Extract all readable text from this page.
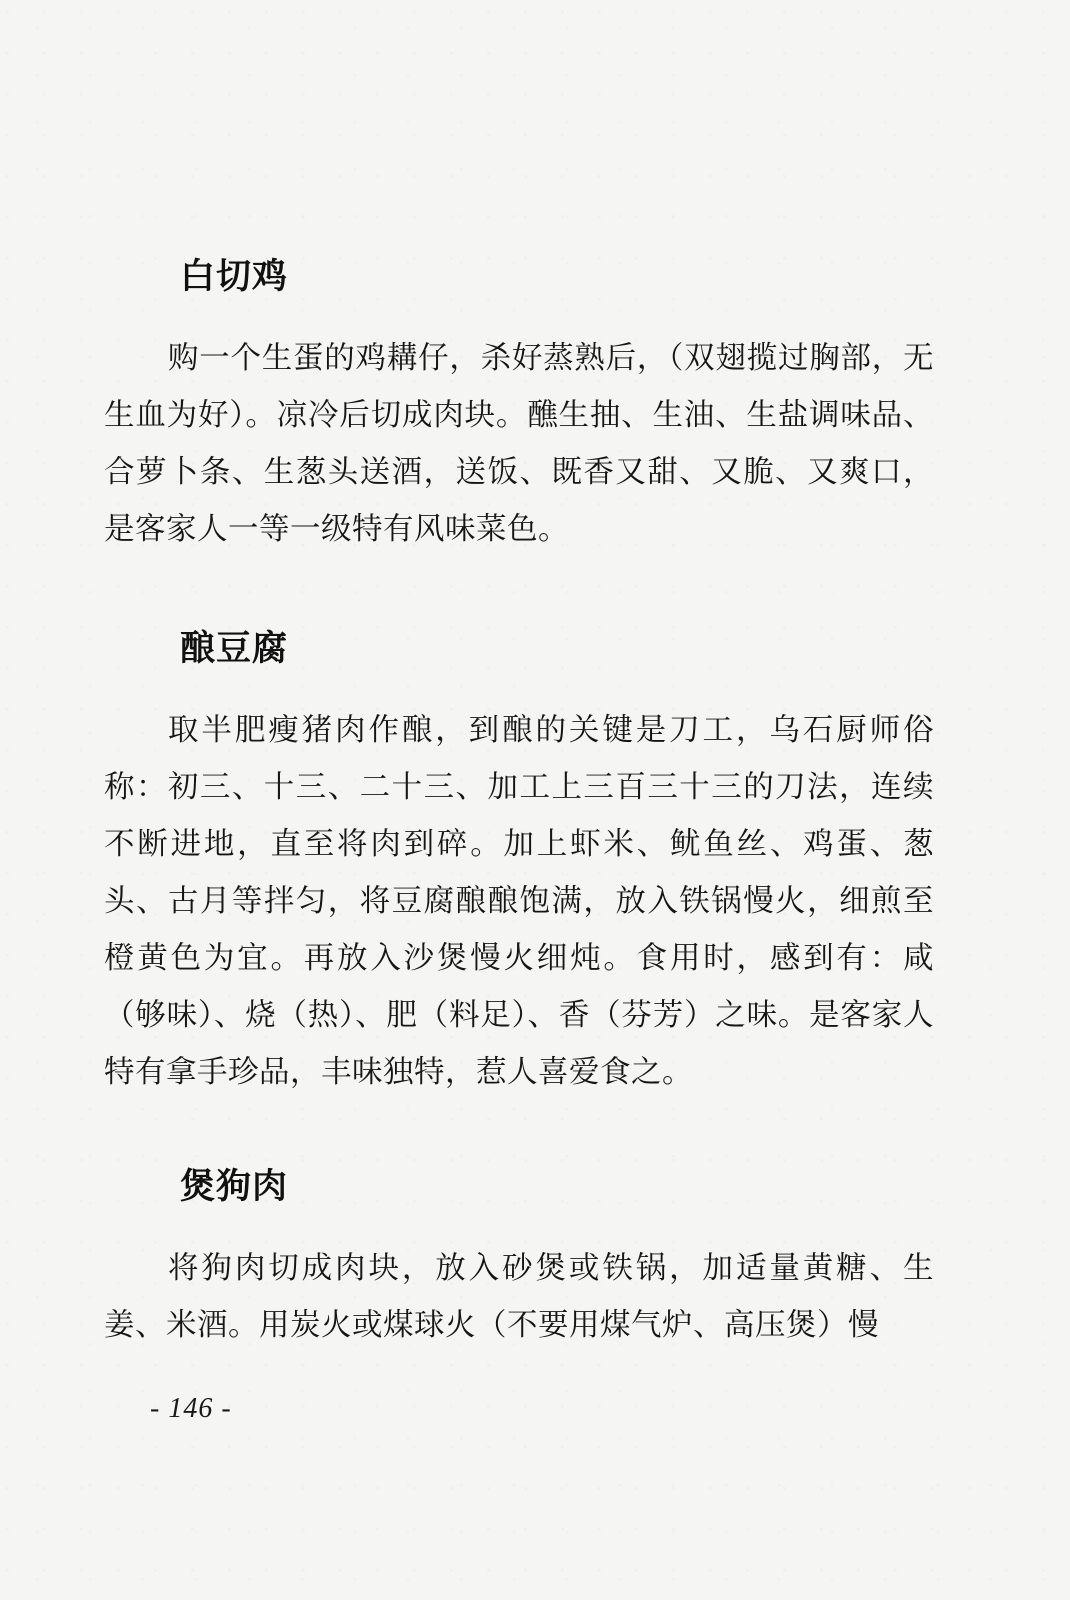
白切鸡

购一个生蛋的鸡耩仔，杀好蒸熟后，（双翅揽过胸部，无生血为好）。凉冷后切成肉块。醮生抽、生油、生盐调味品、合萝卜条、生葱头送酒，送饭、既香又甜、又脆、又爽口，是客家人一等一级特有风味菜色。

酿豆腐

取半肥瘦猪肉作酿，到酿的关键是刀工，乌石厨师俗称：初三、十三、二十三、加工上三百三十三的刀法，连续不断进地，直至将肉到碎。加上虾米、鱿鱼丝、鸡蛋、葱头、古月等拌匀，将豆腐酿酿饱满，放入铁锅慢火，细煎至橙黄色为宜。再放入沙煲慢火细炖。食用时，感到有：咸（够味）、烧（热）、肥（料足）、香（芬芳）之味。是客家人特有拿手珍品，丰味独特，惹人喜爱食之。

煲狗肉

将狗肉切成肉块，放入砂煲或铁锅，加适量黄糖、生姜、米酒。用炭火或煤球火（不要用煤气炉、高压煲）慢

- 146 -
